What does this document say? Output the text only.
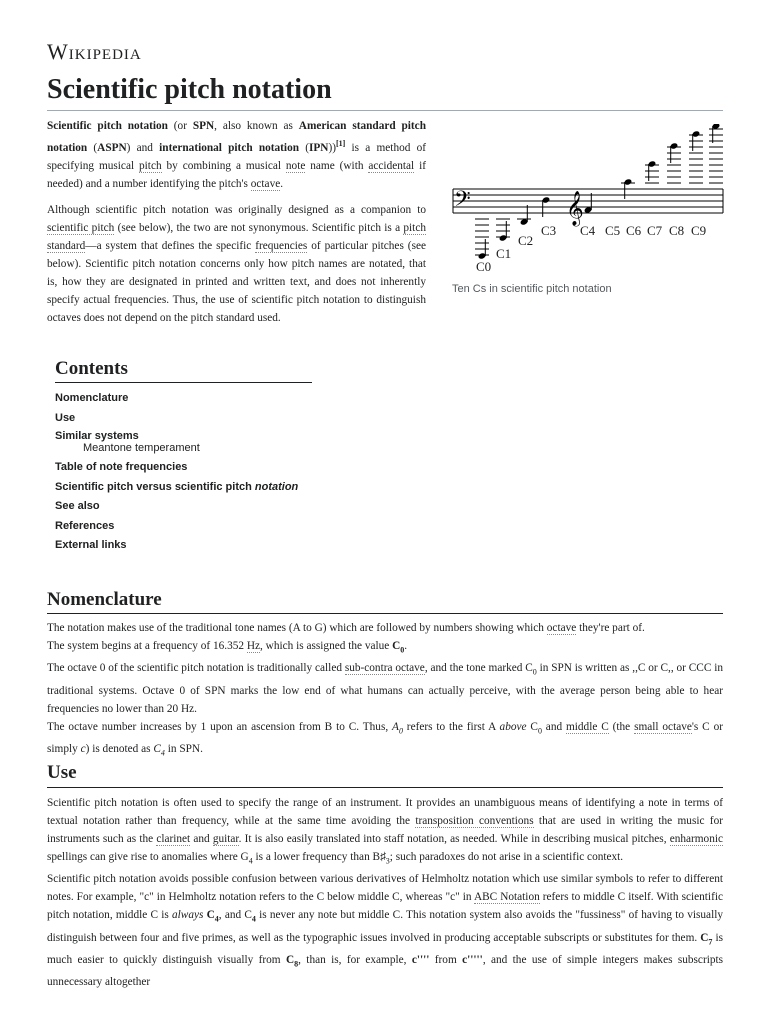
Wikipedia
Scientific pitch notation

Scientific pitch notation (or SPN, also known as American standard pitch notation (ASPN) and international pitch notation (IPN))[1] is a method of specifying musical pitch by combining a musical note name (with accidental if needed) and a number identifying the pitch's octave.

Although scientific pitch notation was originally designed as a companion to scientific pitch (see below), the two are not synonymous. Scientific pitch is a pitch standard—a system that defines the specific frequencies of particular pitches (see below). Scientific pitch notation concerns only how pitch names are notated, that is, how they are designated in printed and written text, and does not inherently specify actual frequencies. Thus, the use of scientific pitch notation to distinguish octaves does not depend on the pitch standard used.

𝄢	𝄞
C0
C1
C2
C3 C4 C5 C6 C7 C8 C9
Ten Cs in scientific pitch notation
Contents
Nomenclature
Use
Similar systems
Meantone temperament
Table of note frequencies
Scientific pitch versus scientific pitch notation
See also
References
External links
Nomenclature

The notation makes use of the traditional tone names (A to G) which are followed by numbers showing which octave they're part of.

The system begins at a frequency of 16.352 Hz, which is assigned the value $C_0$.

The octave 0 of the scientific pitch notation is traditionally called sub-contra octave, and the tone marked $C_0$ in SPN is written as ,,C or C,, or CCC in traditional systems. Octave 0 of SPN marks the low end of what humans can actually perceive, with the average person being able to hear frequencies no lower than 20 Hz.

The octave number increases by 1 upon an ascension from B to C. Thus, $A_0$ refers to the first A above $C_0$ and middle C (the small octave's C or simply c) is denoted as $C_4$ in SPN.

Use

Scientific pitch notation is often used to specify the range of an instrument. It provides an unambiguous means of identifying a note in terms of textual notation rather than frequency, while at the same time avoiding the transposition conventions that are used in writing the music for instruments such as the clarinet and guitar. It is also easily translated into staff notation, as needed. While in describing musical pitches, enharmonic spellings can give rise to anomalies where $G_4$ is a lower frequency than $B♯_3$; such paradoxes do not arise in a scientific context.

Scientific pitch notation avoids possible confusion between various derivatives of Helmholtz notation which use similar symbols to refer to different notes. For example, "c" in Helmholtz notation refers to the C below middle C, whereas "c" in ABC Notation refers to middle C itself. With scientific pitch notation, middle C is always $C_4$, and $C_4$ is never any note but middle C. This notation system also avoids the "fussiness" of having to visually distinguish between four and five primes, as well as the typographic issues involved in producing acceptable subscripts or substitutes for them. $C_7$ is much easier to quickly distinguish visually from $C_8$, than is, for example, c'''' from c''''', and the use of simple integers makes subscripts unnecessary altogether
